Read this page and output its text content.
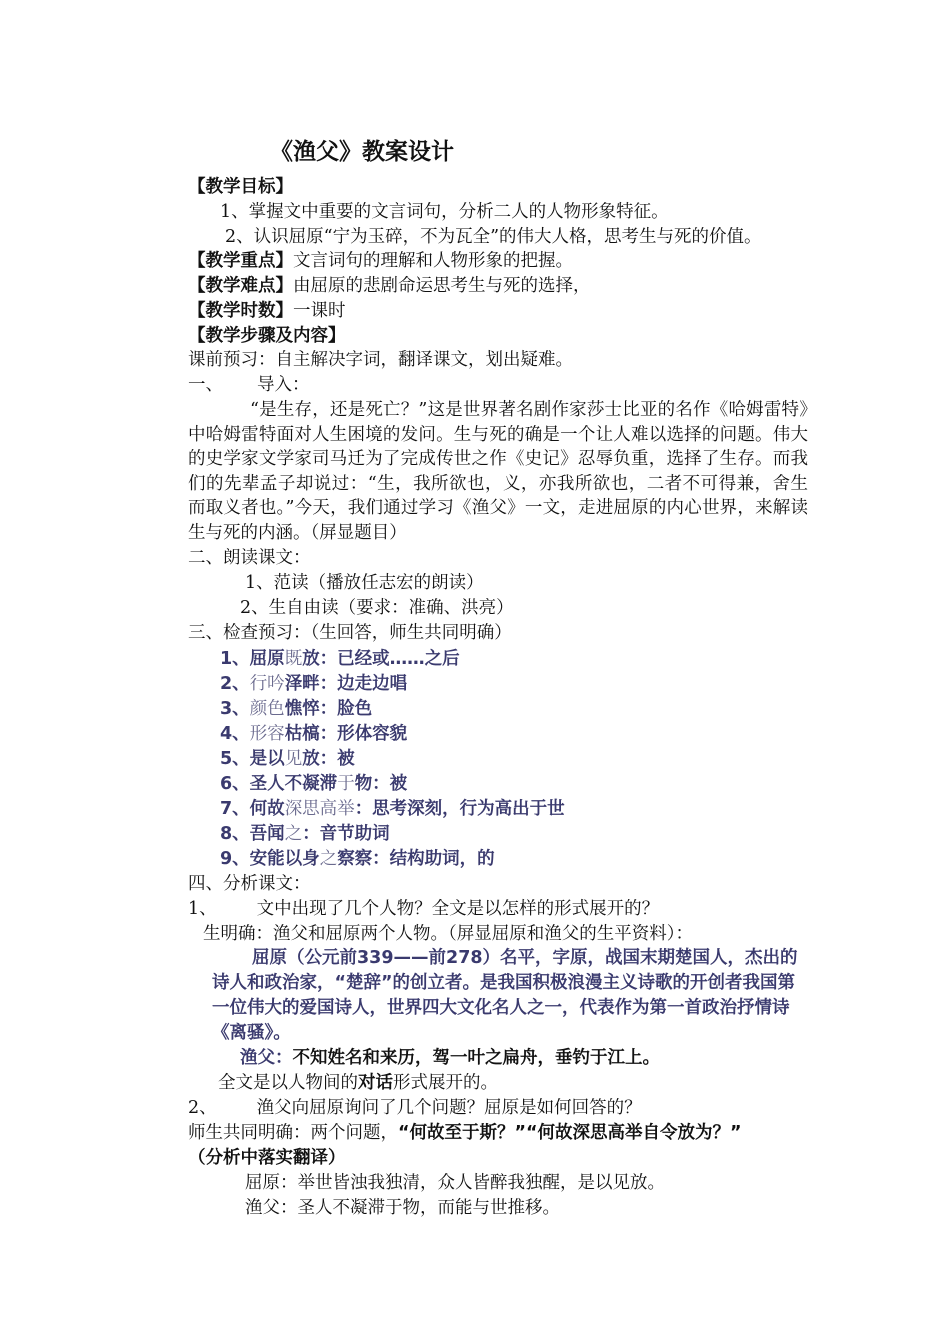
《渔父》教案设计
【教学目标】
1、掌握文中重要的文言词句，分析二人的人物形象特征。
2、认识屈原“宁为玉碎，不为瓦全”的伟大人格，思考生与死的价值。
【教学重点】文言词句的理解和人物形象的把握。
【教学难点】由屈原的悲剧命运思考生与死的选择，
【教学时数】一课时
【教学步骤及内容】
课前预习：自主解决字词，翻译课文，划出疑难。
一、 导入：
“是生存，还是死亡？”这是世界著名剧作家莎士比亚的名作《哈姆雷特》中哈姆雷特面对人生困境的发问。生与死的确是一个让人难以选择的问题。伟大的史学家文学家司马迁为了完成传世之作《史记》忍辱负重，选择了生存。而我们的先辈孟子却说过：“生，我所欲也，义，亦我所欲也，二者不可得兼，舍生而取义者也。”今天，我们通过学习《渔父》一文，走进屈原的内心世界，来解读生与死的内涵。（屏显题目）
二、朗读课文：
1、范读（播放任志宏的朗读）
2、生自由读（要求：准确、洪亮）
三、检查预习：（生回答，师生共同明确）
1、屈原既放：已经或……之后
2、行吟泽畔：边走边唱
3、颜色憔悴：脸色
4、形容枯槁：形体容貌
5、是以见放：被
6、圣人不凝滞于物：被
7、何故深思高举：思考深刻，行为高出于世
8、吾闻之：音节助词
9、安能以身之察察：结构助词，的
四、分析课文：
1、 文中出现了几个人物？全文是以怎样的形式展开的？
生明确：渔父和屈原两个人物。（屏显屈原和渔父的生平资料）：
屈原（公元前339——前278）名平，字原，战国末期楚国人，杰出的诗人和政治家，“楚辞”的创立者。是我国积极浪漫主义诗歌的开创者我国第一位伟大的爱国诗人，世界四大文化名人之一，代表作为第一首政治抒情诗《离骚》。
渔父：不知姓名和来历，驾一叶之扁舟，垂钓于江上。
全文是以人物间的对话形式展开的。
2、 渔父向屈原询问了几个问题？屈原是如何回答的？
师生共同明确：两个问题，“何故至于斯？”“何故深思高举自令放为？”
（分析中落实翻译）
屈原：举世皆浊我独清，众人皆醉我独醒，是以见放。
渔父：圣人不凝滞于物，而能与世推移。
